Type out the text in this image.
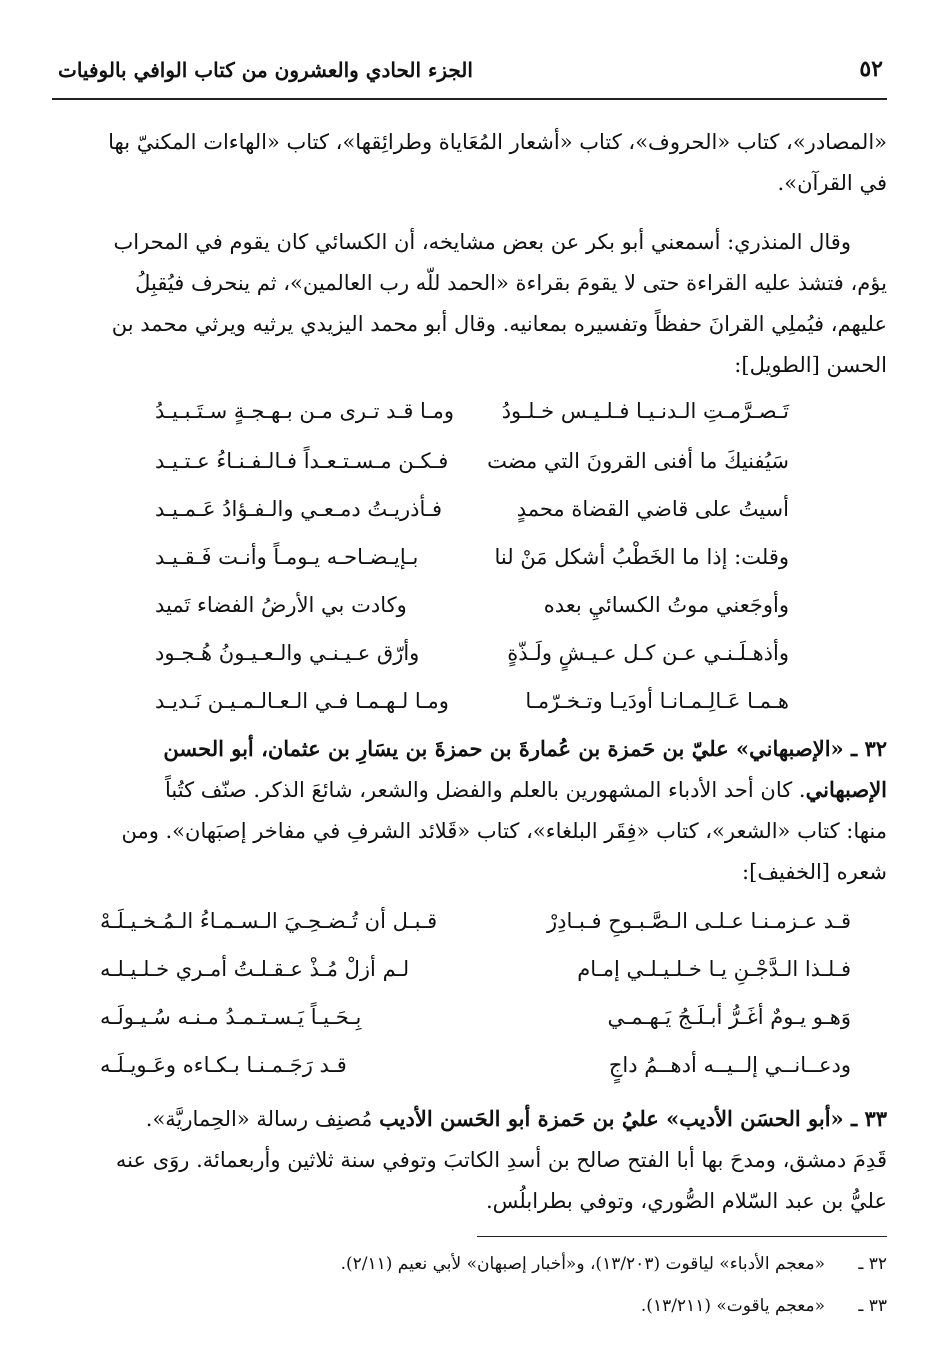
٥٢
الجزء الحادي والعشرون من كتاب الوافي بالوفيات
«المصادر»، كتاب «الحروف»، كتاب «أشعار المُعَاياة وطرائِقها»، كتاب «الهاءات المكنيّ بها
في القرآن».
وقال المنذري: أسمعني أبو بكر عن بعض مشايخه، أن الكسائي كان يقوم في المحراب
يؤم، فتشذ عليه القراءة حتى لا يقومَ بقراءة «الحمد للّه رب العالمين»، ثم ينحرف فيُقبِلُ
عليهم، فيُملِي القرانَ حفظاً وتفسيره بمعانيه. وقال أبو محمد اليزيدي يرثيه ويرثي محمد بن
الحسن [الطويل]:
تَـصـرَّمـتِ الـدنـيـا فـلـيـس خـلـودُ
ومـا قـد تـرى مـن بـهـجـةٍ سـتَـبـيـدُ
سَيُفنيكَ ما أفنى القرونَ التي مضت
فـكـن مـسـتـعـداً فـالـفـنـاءُ عـتـيـد
أسيتُ على قاضي القضاة محمدٍ
فـأذريـتُ دمـعـي والـفـؤادُ عَـمـيـد
وقلت: إذا ما الخَطْبُ أشكل مَنْ لنا
بـإيـضـاحـه يـومـاً وأنـت فَـقـيـد
وأوجَعني موتُ الكسائيِ بعده
وكادت بي الأرضُ الفضاء تَميد
وأذهـلَـنـي عـن كـل عـيـشٍ ولَـذّةٍ
وأرّق عـيـنـي والـعـيـونُ هُـجـود
هـمـا عَـالِـمـانـا أودَيـا وتـخـرّمـا
ومـا لـهـمـا فـي الـعـالـمـيـن نَـديـد
٣٢ ـ «الإصبهاني» عليّ بن حَمزة بن عُمارةَ بن حمزةَ بن يسَارِ بن عثمان، أبو الحسن
الإصبهاني. كان أحد الأدباء المشهورين بالعلم والفضل والشعر، شائعَ الذكر. صنّف كتُباً
منها: كتاب «الشعر»، كتاب «فِقَر البلغاء»، كتاب «قَلائد الشرفِ في مفاخر إصبَهان». ومن
شعره [الخفيف]:
قـد عـزمـنـا عـلـى الـصَّـبـوحِ فـبـادِرْ
قـبـل أن تُـضـحِـيَ الـسـمـاءُ الـمُـخـيـلَـهْ
فـلـذا الـدَّجْـنِ يـا خـلـيـلـي إمـام
لـم أزلْ مُـذْ عـقـلـتُ أمـري خـلـيـلـه
وَهـو يـومٌ أغَـرُّ أبـلَـجُ يَـهـمـي
بِـحَـيـاً يَـسـتـمـدُ مـنـه سُـيـولَـه
ودعــانــي إلــيــه أدهــمُ داجٍ
قـد رَجَـمـنـا بـكـاءه وعَـويـلَـه
٣٣ ـ «أبو الحسَن الأديب» عليُ بن حَمزة أبو الحَسن الأديب مُصنِف رسالة «الحِماريَّة».
قَدِمَ دمشق، ومدحَ بها أبا الفتح صالح بن أسدِ الكاتبَ وتوفي سنة ثلاثين وأربعمائة. روَى عنه
عليُّ بن عبد السّلام الصُّوري، وتوفي بطرابلُس.
٣٢ ـ«معجم الأدباء» لياقوت (١٣/٢٠٣)، و«أخبار إصبهان» لأبي نعيم (٢/١١).
٣٣ ـ«معجم ياقوت» (١٣/٢١١).
